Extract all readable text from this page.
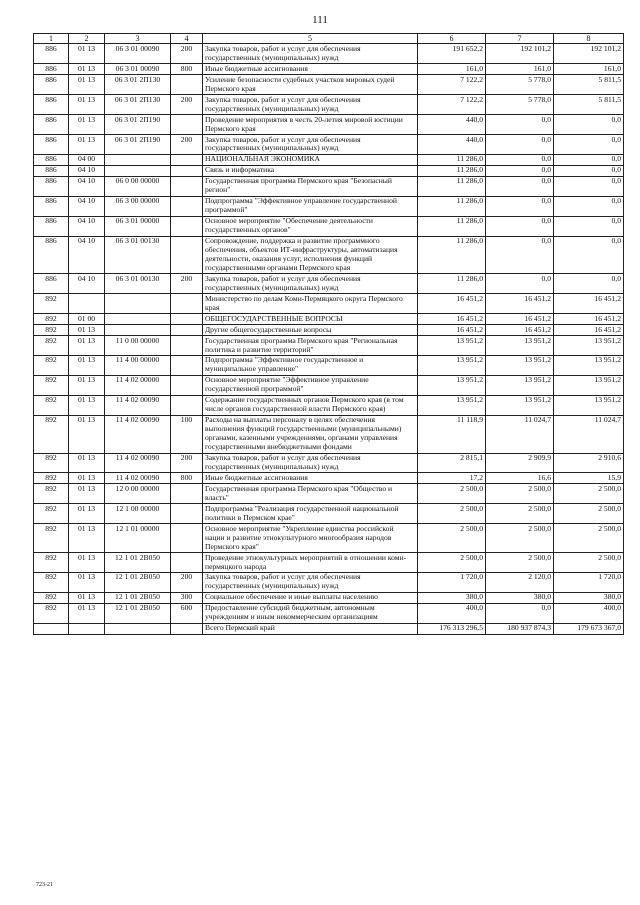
111
1	2	3	4	5	6	7	8
886	01 13	06 3 01 00090	200	Закупка товаров, работ и услуг для обеспечения государственных (муниципальных) нужд	191 652,2	192 101,2	192 101,2
886	01 13	06 3 01 00090	800	Иные бюджетные ассигнования	161,0	161,0	161,0
886	01 13	06 3 01 2П130		Усиление безопасности судебных участков мировых судей Пермского края	7 122,2	5 778,0	5 811,5
886	01 13	06 3 01 2П130	200	Закупка товаров, работ и услуг для обеспечения государственных (муниципальных) нужд	7 122,2	5 778,0	5 811,5
886	01 13	06 3 01 2П190		Проведение мероприятия в честь 20-летия мировой юстиции Пермского края	440,0	0,0	0,0
886	01 13	06 3 01 2П190	200	Закупка товаров, работ и услуг для обеспечения государственных (муниципальных) нужд	440,0	0,0	0,0
886	04 00			НАЦИОНАЛЬНАЯ ЭКОНОМИКА	11 286,0	0,0	0,0
886	04 10			Связь и информатика	11 286,0	0,0	0,0
886	04 10	06 0 00 00000		Государственная программа Пермского края "Безопасный регион"	11 286,0	0,0	0,0
886	04 10	06 3 00 00000		Подпрограмма "Эффективное управление государственной программой"	11 286,0	0,0	0,0
886	04 10	06 3 01 00000		Основное мероприятие "Обеспечение деятельности государственных органов"	11 286,0	0,0	0,0
886	04 10	06 3 01 00130		Сопровождение, поддержка и развитие программного обеспечения, объектов ИТ-инфраструктуры, автоматизация деятельности, оказания услуг, исполнения функций государственными органами Пермского края	11 286,0	0,0	0,0
886	04 10	06 3 01 00130	200	Закупка товаров, работ и услуг для обеспечения государственных (муниципальных) нужд	11 286,0	0,0	0,0
892				Министерство по делам Коми-Пермяцкого округа Пермского края	16 451,2	16 451,2	16 451,2
892	01 00			ОБЩЕГОСУДАРСТВЕННЫЕ ВОПРОСЫ	16 451,2	16 451,2	16 451,2
892	01 13			Другие общегосударственные вопросы	16 451,2	16 451,2	16 451,2
892	01 13	11 0 00 00000		Государственная программа Пермского края "Региональная политика и развитие территорий"	13 951,2	13 951,2	13 951,2
892	01 13	11 4 00 00000		Подпрограмма "Эффективное государственное и муниципальное управление"	13 951,2	13 951,2	13 951,2
892	01 13	11 4 02 00000		Основное мероприятие "Эффективное управление государственной программой"	13 951,2	13 951,2	13 951,2
892	01 13	11 4 02 00090		Содержание государственных органов Пермского края (в том числе органов государственной власти Пермского края)	13 951,2	13 951,2	13 951,2
892	01 13	11 4 02 00090	100	Расходы на выплаты персоналу в целях обеспечения выполнения функций государственными (муниципальными) органами, казенными учреждениями, органами управления государственными внебюджетными фондами	11 118,9	11 024,7	11 024,7
892	01 13	11 4 02 00090	200	Закупка товаров, работ и услуг для обеспечения государственных (муниципальных) нужд	2 815,1	2 909,9	2 910,6
892	01 13	11 4 02 00090	800	Иные бюджетные ассигнования	17,2	16,6	15,9
892	01 13	12 0 00 00000		Государственная программа Пермского края "Общество и власть"	2 500,0	2 500,0	2 500,0
892	01 13	12 1 00 00000		Подпрограмма "Реализация государственной национальной политики в Пермском крае"	2 500,0	2 500,0	2 500,0
892	01 13	12 1 01 00000		Основное мероприятие "Укрепление единства российской нации и развитие этнокультурного многообразия народов Пермского края"	2 500,0	2 500,0	2 500,0
892	01 13	12 1 01 2B050		Проведение этнокультурных мероприятий в отношении коми-пермяцкого народа	2 500,0	2 500,0	2 500,0
892	01 13	12 1 01 2B050	200	Закупка товаров, работ и услуг для обеспечения государственных (муниципальных) нужд	1 720,0	2 120,0	1 720,0
892	01 13	12 1 01 2B050	300	Социальное обеспечение и иные выплаты населению	380,0	380,0	380,0
892	01 13	12 1 01 2B050	600	Предоставление субсидий бюджетным, автономным учреждениям и иным некоммерческим организациям	400,0	0,0	400,0
				Всего Пермский край	176 313 296,5	180 937 874,3	179 673 367,0
723-21
